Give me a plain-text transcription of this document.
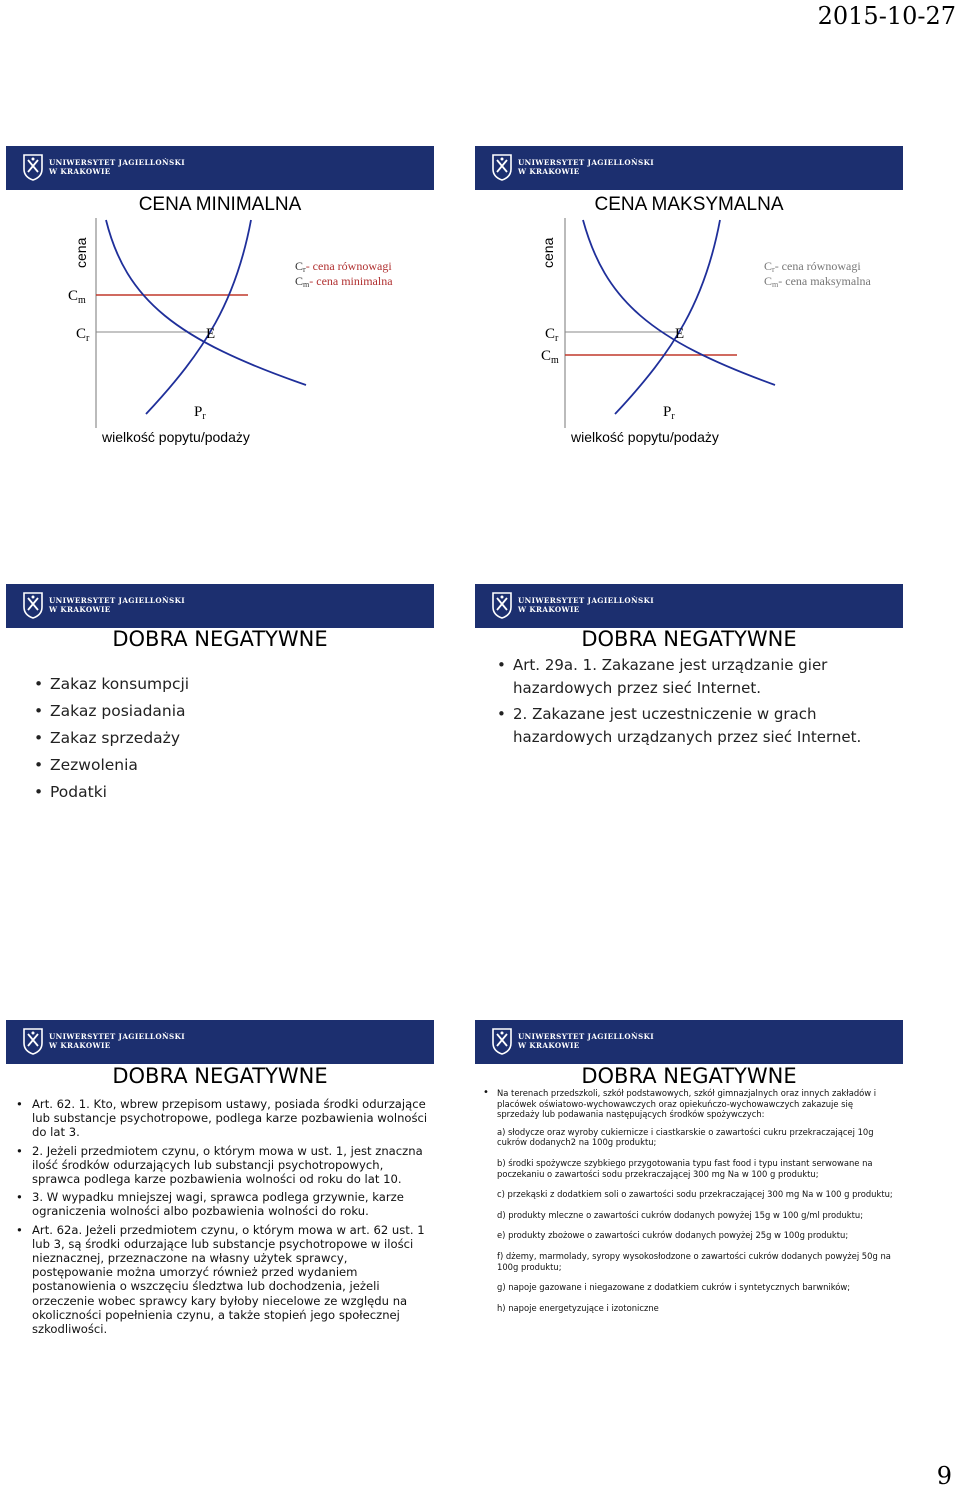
2015-10-27
UNIWERSYTET JAGIELLOŃSKI
W KRAKOWIE
CENA MINIMALNA
cena
$C_m$
$C_r$	E
$P_r$
wielkość popytu/podaży
Cr- cena równowagi
Cm- cena minimalna
UNIWERSYTET JAGIELLOŃSKI
W KRAKOWIE
CENA MAKSYMALNA
cena
$C_r$
$C_m$
E
$P_r$
wielkość popytu/podaży
Cr- cena równowagi
Cm- cena maksymalna
UNIWERSYTET JAGIELLOŃSKI
W KRAKOWIE
DOBRA NEGATYWNE
• Zakaz konsumpcji
• Zakaz posiadania
• Zakaz sprzedaży
• Zezwolenia
• Podatki
UNIWERSYTET JAGIELLOŃSKI
W KRAKOWIE
DOBRA NEGATYWNE
• Art. 29a. 1. Zakazane jest urządzanie gier hazardowych przez sieć Internet.
• 2. Zakazane jest uczestniczenie w grach hazardowych urządzanych przez sieć Internet.
UNIWERSYTET JAGIELLOŃSKI
W KRAKOWIE
DOBRA NEGATYWNE
• Art. 62. 1. Kto, wbrew przepisom ustawy, posiada środki odurzające lub substancje psychotropowe, podlega karze pozbawienia wolności do lat 3.
• 2. Jeżeli przedmiotem czynu, o którym mowa w ust. 1, jest znaczna ilość środków odurzających lub substancji psychotropowych, sprawca podlega karze pozbawienia wolności od roku do lat 10.
• 3. W wypadku mniejszej wagi, sprawca podlega grzywnie, karze ograniczenia wolności albo pozbawienia wolności do roku.
• Art. 62a. Jeżeli przedmiotem czynu, o którym mowa w art. 62 ust. 1 lub 3, są środki odurzające lub substancje psychotropowe w ilości nieznacznej, przeznaczone na własny użytek sprawcy, postępowanie można umorzyć również przed wydaniem postanowienia o wszczęciu śledztwa lub dochodzenia, jeżeli orzeczenie wobec sprawcy kary byłoby niecelowe ze względu na okoliczności popełnienia czynu, a także stopień jego społecznej szkodliwości.
UNIWERSYTET JAGIELLOŃSKI
W KRAKOWIE
DOBRA NEGATYWNE
• Na terenach przedszkoli, szkół podstawowych, szkół gimnazjalnych oraz innych zakładów i placówek oświatowo-wychowawczych oraz opiekuńczo-wychowawczych zakazuje się sprzedaży lub podawania następujących środków spożywczych:
a) słodycze oraz wyroby cukiernicze i ciastkarskie o zawartości cukru przekraczającej 10g cukrów dodanych2 na 100g produktu;
b) środki spożywcze szybkiego przygotowania typu fast food i typu instant serwowane na poczekaniu o zawartości sodu przekraczającej 300 mg Na w 100 g produktu;
c) przekąski z dodatkiem soli o zawartości sodu przekraczającej 300 mg Na w 100 g produktu;
d) produkty mleczne o zawartości cukrów dodanych powyżej 15g w 100 g/ml produktu;
e) produkty zbożowe o zawartości cukrów dodanych powyżej 25g w 100g produktu;
f) dżemy, marmolady, syropy wysokosłodzone o zawartości cukrów dodanych powyżej 50g na 100g produktu;
g) napoje gazowane i niegazowane z dodatkiem cukrów i syntetycznych barwników;
h) napoje energetyzujące i izotoniczne
9
